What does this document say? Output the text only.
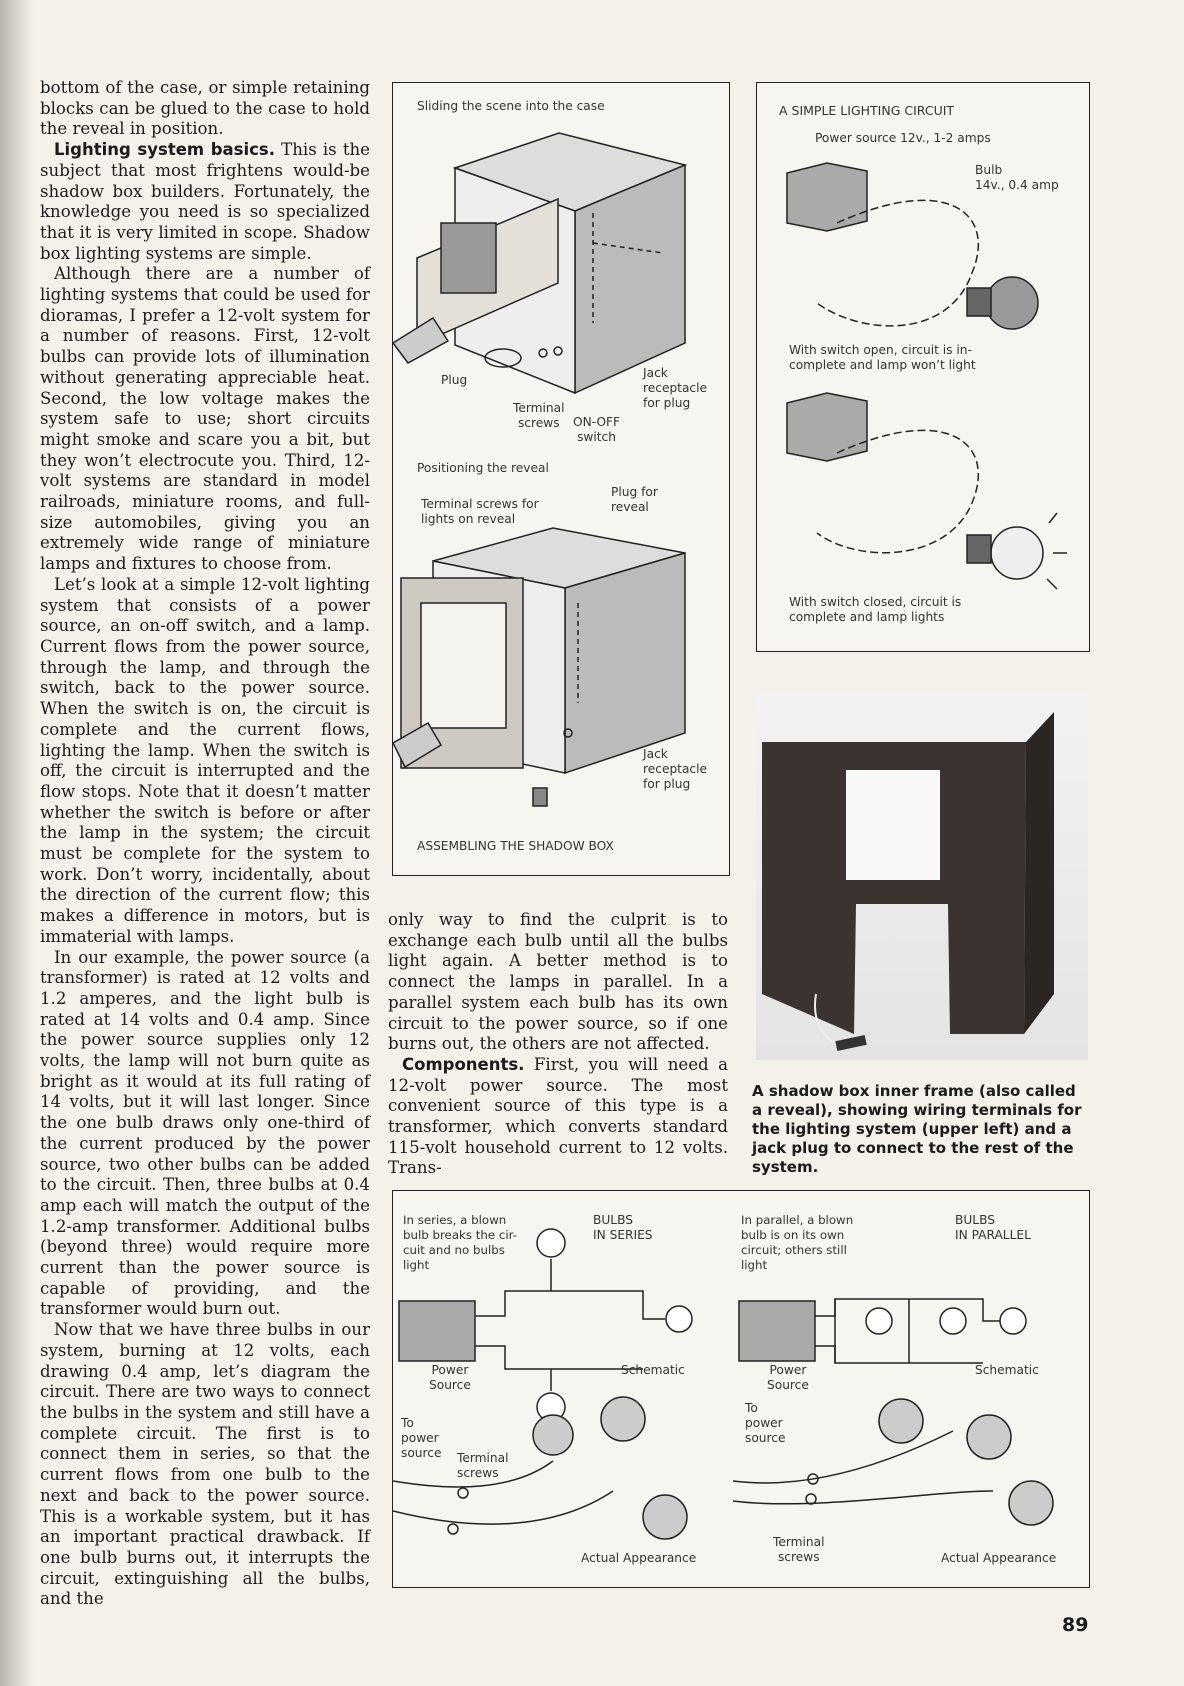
bottom of the case, or simple retaining blocks can be glued to the case to hold the reveal in position.

Lighting system basics. This is the subject that most frightens would-be shadow box builders. Fortunately, the knowledge you need is so specialized that it is very limited in scope. Shadow box lighting systems are simple.

Although there are a number of lighting systems that could be used for dioramas, I prefer a 12-volt system for a number of reasons. First, 12-volt bulbs can provide lots of illumination without generating appreciable heat. Second, the low voltage makes the system safe to use; short circuits might smoke and scare you a bit, but they won’t electrocute you. Third, 12-volt systems are standard in model railroads, miniature rooms, and full-size automobiles, giving you an extremely wide range of miniature lamps and fixtures to choose from.

Let’s look at a simple 12-volt lighting system that consists of a power source, an on-off switch, and a lamp. Current flows from the power source, through the lamp, and through the switch, back to the power source. When the switch is on, the circuit is complete and the current flows, lighting the lamp. When the switch is off, the circuit is interrupted and the flow stops. Note that it doesn’t matter whether the switch is before or after the lamp in the system; the circuit must be complete for the system to work. Don’t worry, incidentally, about the direction of the current flow; this makes a difference in motors, but is immaterial with lamps.

In our example, the power source (a transformer) is rated at 12 volts and 1.2 amperes, and the light bulb is rated at 14 volts and 0.4 amp. Since the power source supplies only 12 volts, the lamp will not burn quite as bright as it would at its full rating of 14 volts, but it will last longer. Since the one bulb draws only one-third of the current produced by the power source, two other bulbs can be added to the circuit. Then, three bulbs at 0.4 amp each will match the output of the 1.2-amp transformer. Additional bulbs (beyond three) would require more current than the power source is capable of providing, and the transformer would burn out.

Now that we have three bulbs in our system, burning at 12 volts, each drawing 0.4 amp, let’s diagram the circuit. There are two ways to connect the bulbs in the system and still have a complete circuit. The first is to connect them in series, so that the current flows from one bulb to the next and back to the power source. This is a workable system, but it has an important practical drawback. If one bulb burns out, it interrupts the circuit, extinguishing all the bulbs, and the

only way to find the culprit is to exchange each bulb until all the bulbs light again. A better method is to connect the lamps in parallel. In a parallel system each bulb has its own circuit to the power source, so if one burns out, the others are not affected.

Components. First, you will need a 12-volt power source. The most convenient source of this type is a transformer, which converts standard 115-volt household current to 12 volts. Trans-

Sliding the scene into the case
Plug
Terminal
screws	ON-OFF
switch
Jack
receptacle
for plug
Positioning the reveal
Terminal screws for
lights on reveal
Plug for
reveal
Jack
receptacle
for plug
ASSEMBLING THE SHADOW BOX
A SIMPLE LIGHTING CIRCUIT
Power source 12v., 1-2 amps
Bulb
14v., 0.4 amp
With switch open, circuit is in-
complete and lamp won’t light
With switch closed, circuit is
complete and lamp lights
A shadow box inner frame (also called a reveal), showing wiring terminals for the lighting system (upper left) and a jack plug to connect to the rest of the system.
In series, a blown
bulb breaks the cir-
cuit and no bulbs
light
BULBS
IN SERIES
Power
Source
Schematic
To
power
source Terminal
screws
Actual Appearance
In parallel, a blown
bulb is on its own
circuit; others still
light
BULBS
IN PARALLEL
Power
Source
Schematic
To
power
source
Terminal
screws	Actual Appearance
89
